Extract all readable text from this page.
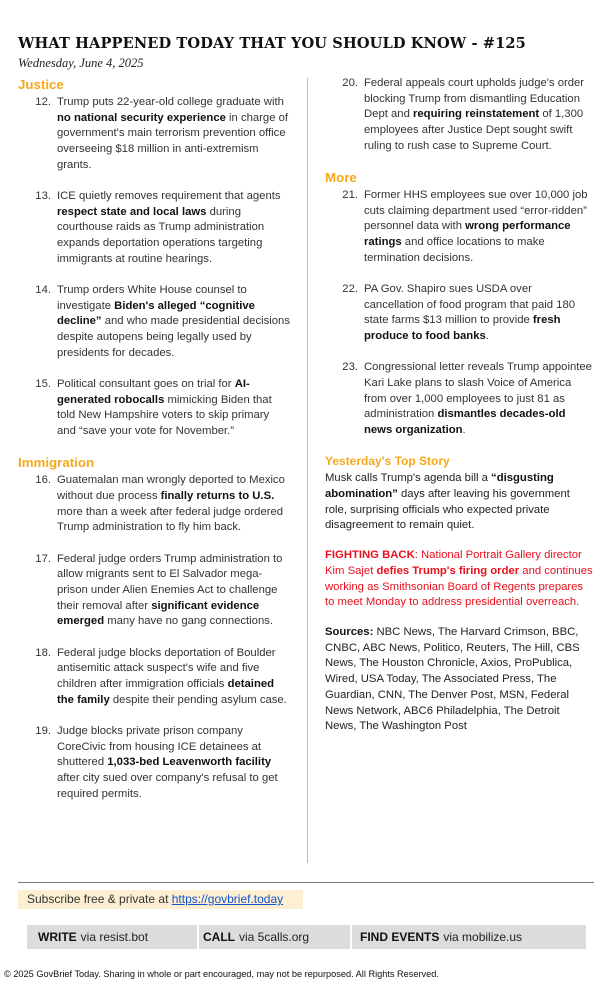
WHAT HAPPENED TODAY THAT YOU SHOULD KNOW - #125
Wednesday, June 4, 2025
Justice
12. Trump puts 22-year-old college graduate with no national security experience in charge of government's main terrorism prevention office overseeing $18 million in anti-extremism grants.
13. ICE quietly removes requirement that agents respect state and local laws during courthouse raids as Trump administration expands deportation operations targeting immigrants at routine hearings.
14. Trump orders White House counsel to investigate Biden's alleged “cognitive decline” and who made presidential decisions despite autopens being legally used by presidents for decades.
15. Political consultant goes on trial for AI-generated robocalls mimicking Biden that told New Hampshire voters to skip primary and “save your vote for November.”
Immigration
16. Guatemalan man wrongly deported to Mexico without due process finally returns to U.S. more than a week after federal judge ordered Trump administration to fly him back.
17. Federal judge orders Trump administration to allow migrants sent to El Salvador mega-prison under Alien Enemies Act to challenge their removal after significant evidence emerged many have no gang connections.
18. Federal judge blocks deportation of Boulder antisemitic attack suspect's wife and five children after immigration officials detained the family despite their pending asylum case.
19. Judge blocks private prison company CoreCivic from housing ICE detainees at shuttered 1,033-bed Leavenworth facility after city sued over company's refusal to get required permits.
20. Federal appeals court upholds judge's order blocking Trump from dismantling Education Dept and requiring reinstatement of 1,300 employees after Justice Dept sought swift ruling to rush case to Supreme Court.
More
21. Former HHS employees sue over 10,000 job cuts claiming department used “error-ridden” personnel data with wrong performance ratings and office locations to make termination decisions.
22. PA Gov. Shapiro sues USDA over cancellation of food program that paid 180 state farms $13 million to provide fresh produce to food banks.
23. Congressional letter reveals Trump appointee Kari Lake plans to slash Voice of America from over 1,000 employees to just 81 as administration dismantles decades-old news organization.
Yesterday's Top Story
Musk calls Trump's agenda bill a “disgusting abomination” days after leaving his government role, surprising officials who expected private disagreement to remain quiet.
FIGHTING BACK: National Portrait Gallery director Kim Sajet defies Trump's firing order and continues working as Smithsonian Board of Regents prepares to meet Monday to address presidential overreach.
Sources: NBC News, The Harvard Crimson, BBC, CNBC, ABC News, Politico, Reuters, The Hill, CBS News, The Houston Chronicle, Axios, ProPublica, Wired, USA Today, The Associated Press, The Guardian, CNN, The Denver Post, MSN, Federal News Network, ABC6 Philadelphia, The Detroit News, The Washington Post
Subscribe free & private at https://govbrief.today
WRITE via resist.bot	CALL via 5calls.org	FIND EVENTS via mobilize.us
© 2025 GovBrief Today. Sharing in whole or part encouraged, may not be repurposed. All Rights Reserved.
